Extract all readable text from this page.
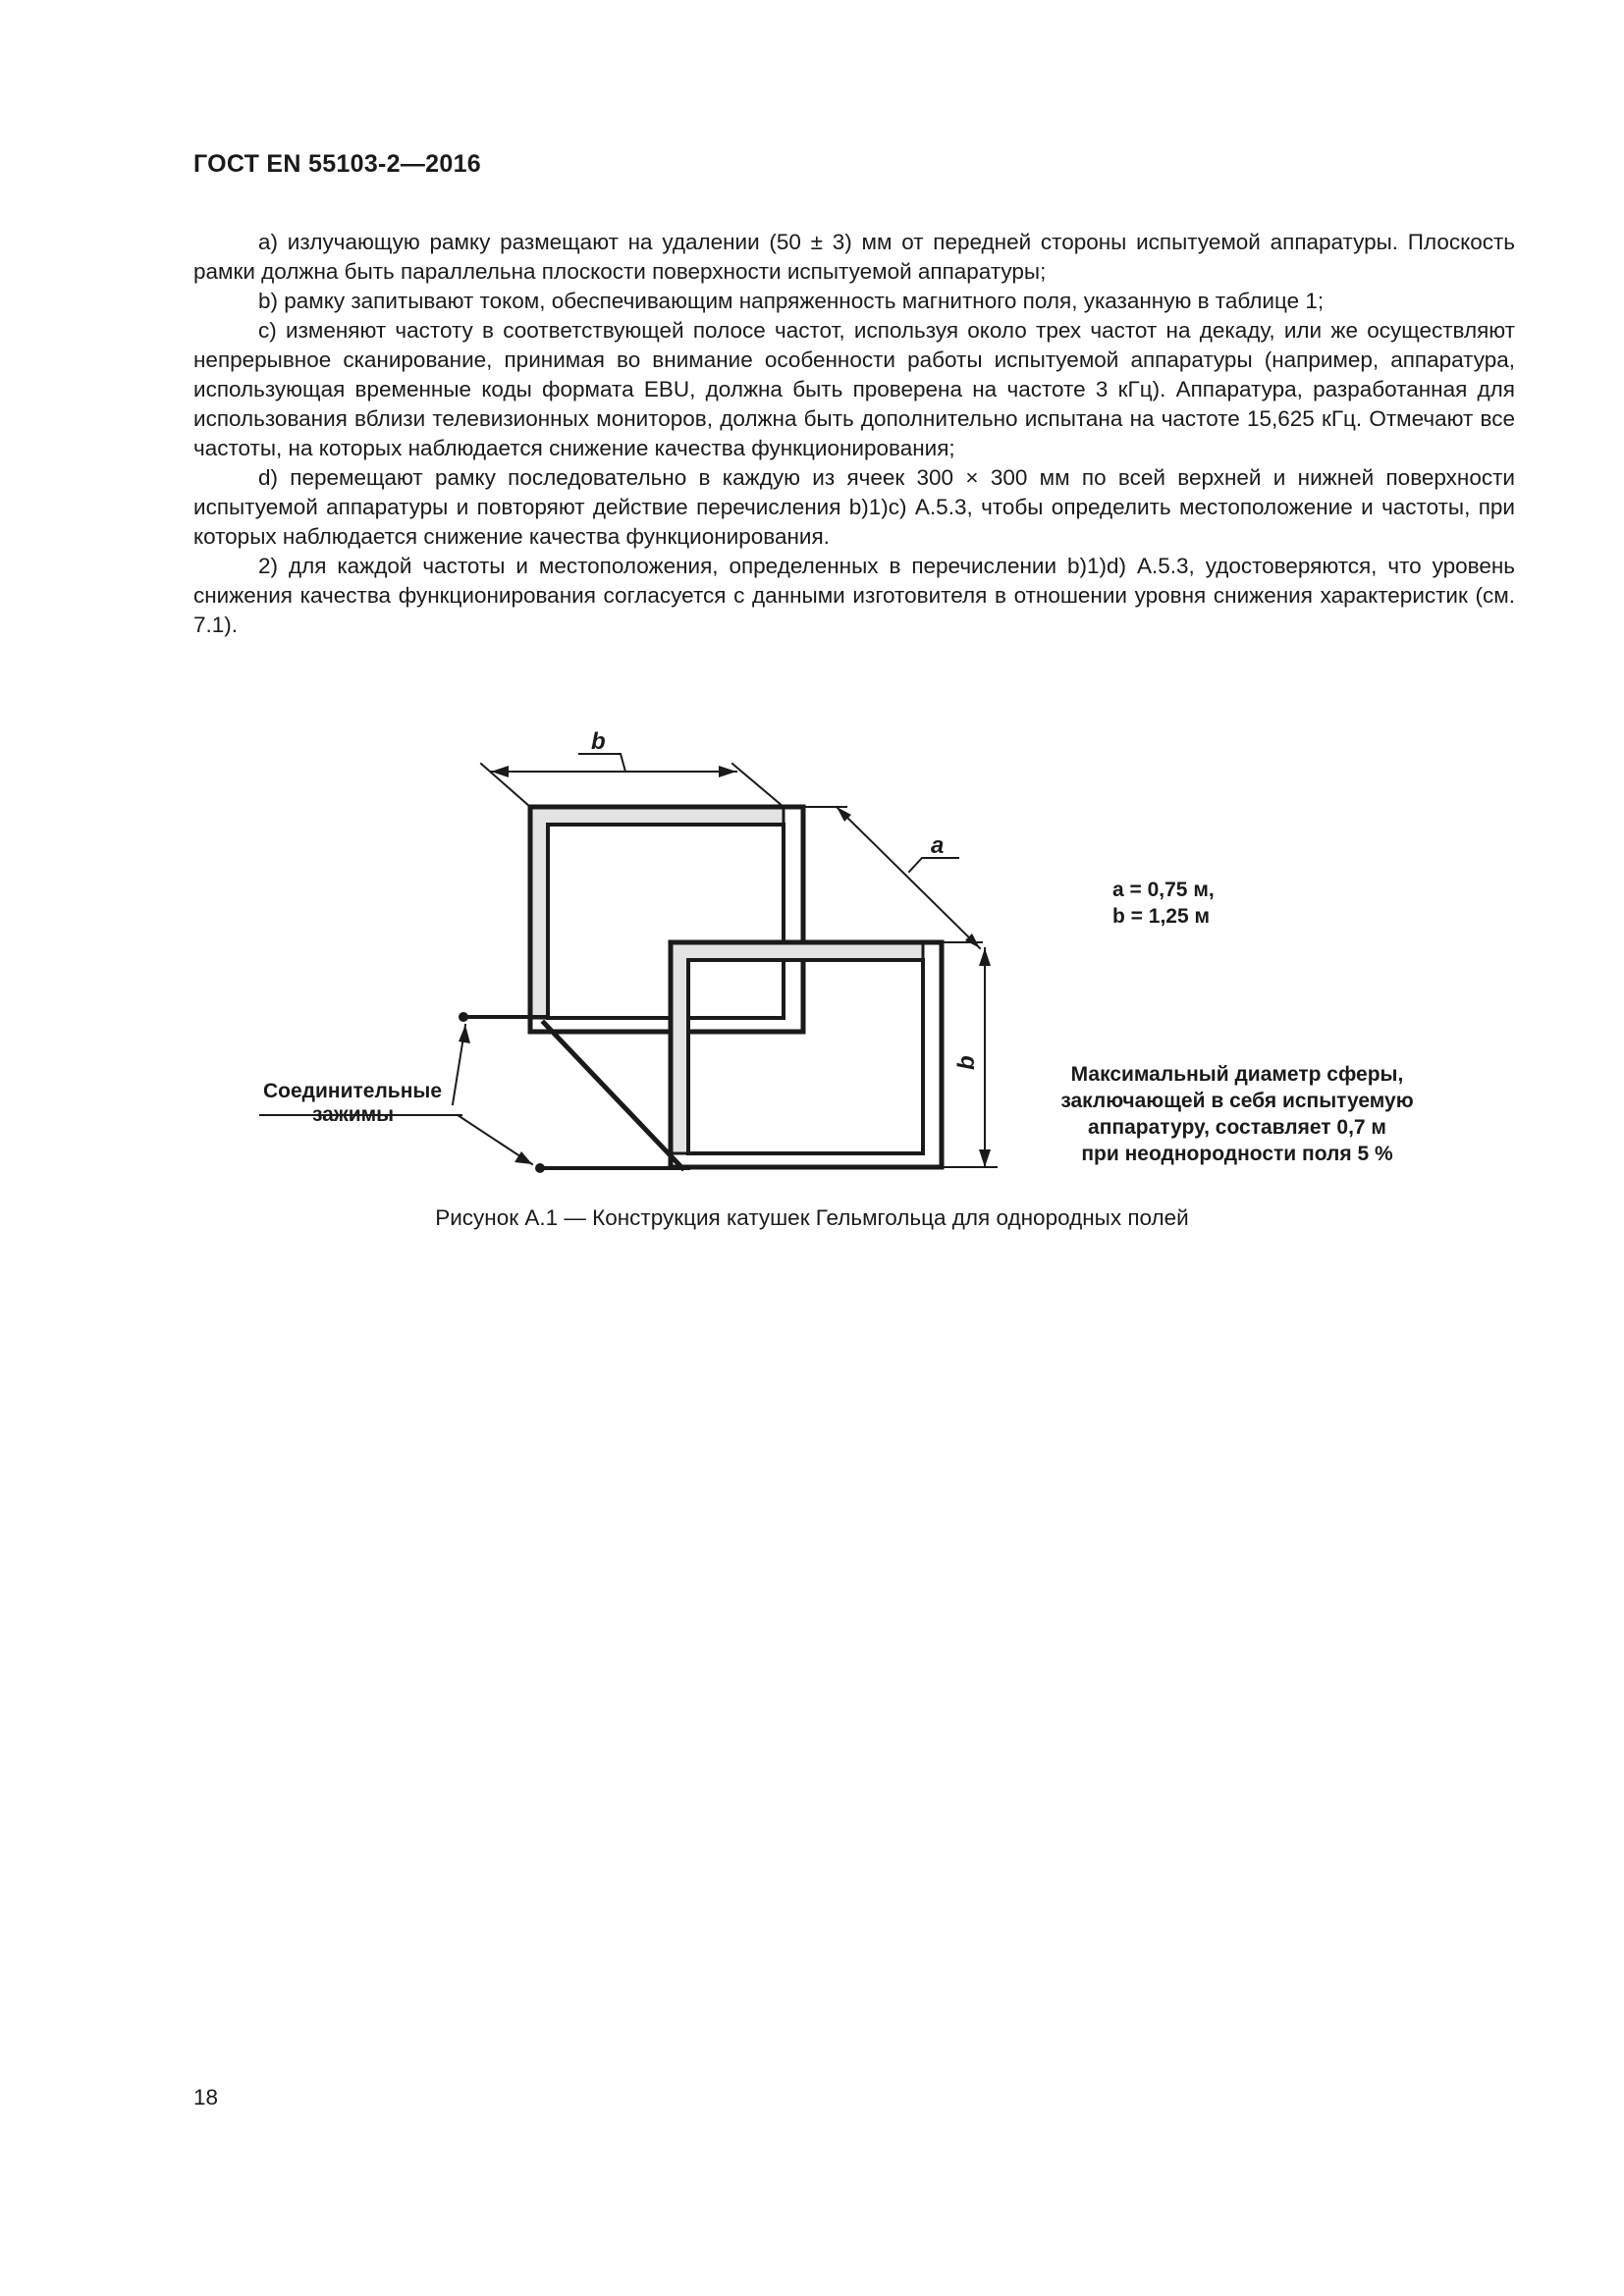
ГОСТ EN 55103-2—2016

a) излучающую рамку размещают на удалении (50 ± 3) мм от передней стороны испытуемой аппаратуры. Плоскость рамки должна быть параллельна плоскости поверхности испытуемой аппаратуры;

b) рамку запитывают током, обеспечивающим напряженность магнитного поля, указанную в таблице 1;

c) изменяют частоту в соответствующей полосе частот, используя около трех частот на декаду, или же осуществляют непрерывное сканирование, принимая во внимание особенности работы испытуемой аппаратуры (например, аппаратура, использующая временные коды формата EBU, должна быть проверена на частоте 3 кГц). Аппаратура, разработанная для использования вблизи телевизионных мониторов, должна быть дополнительно испытана на частоте 15,625 кГц. Отмечают все частоты, на которых наблюдается снижение качества функционирования;

d) перемещают рамку последовательно в каждую из ячеек 300 × 300 мм по всей верхней и нижней поверхности испытуемой аппаратуры и повторяют действие перечисления b)1)c) А.5.3, чтобы определить местоположение и частоты, при которых наблюдается снижение качества функционирования.

2) для каждой частоты и местоположения, определенных в перечислении b)1)d) А.5.3, удостоверяются, что уровень снижения качества функционирования согласуется с данными изготовителя в отношении уровня снижения характеристик (см. 7.1).

b
a
b
a = 0,75 м,
b = 1,25 м
Соединительные
зажимы
Максимальный диаметр сферы,
заключающей в себя испытуемую
аппаратуру, составляет 0,7 м
при неоднородности поля 5 %
Рисунок А.1 — Конструкция катушек Гельмгольца для однородных полей
18
